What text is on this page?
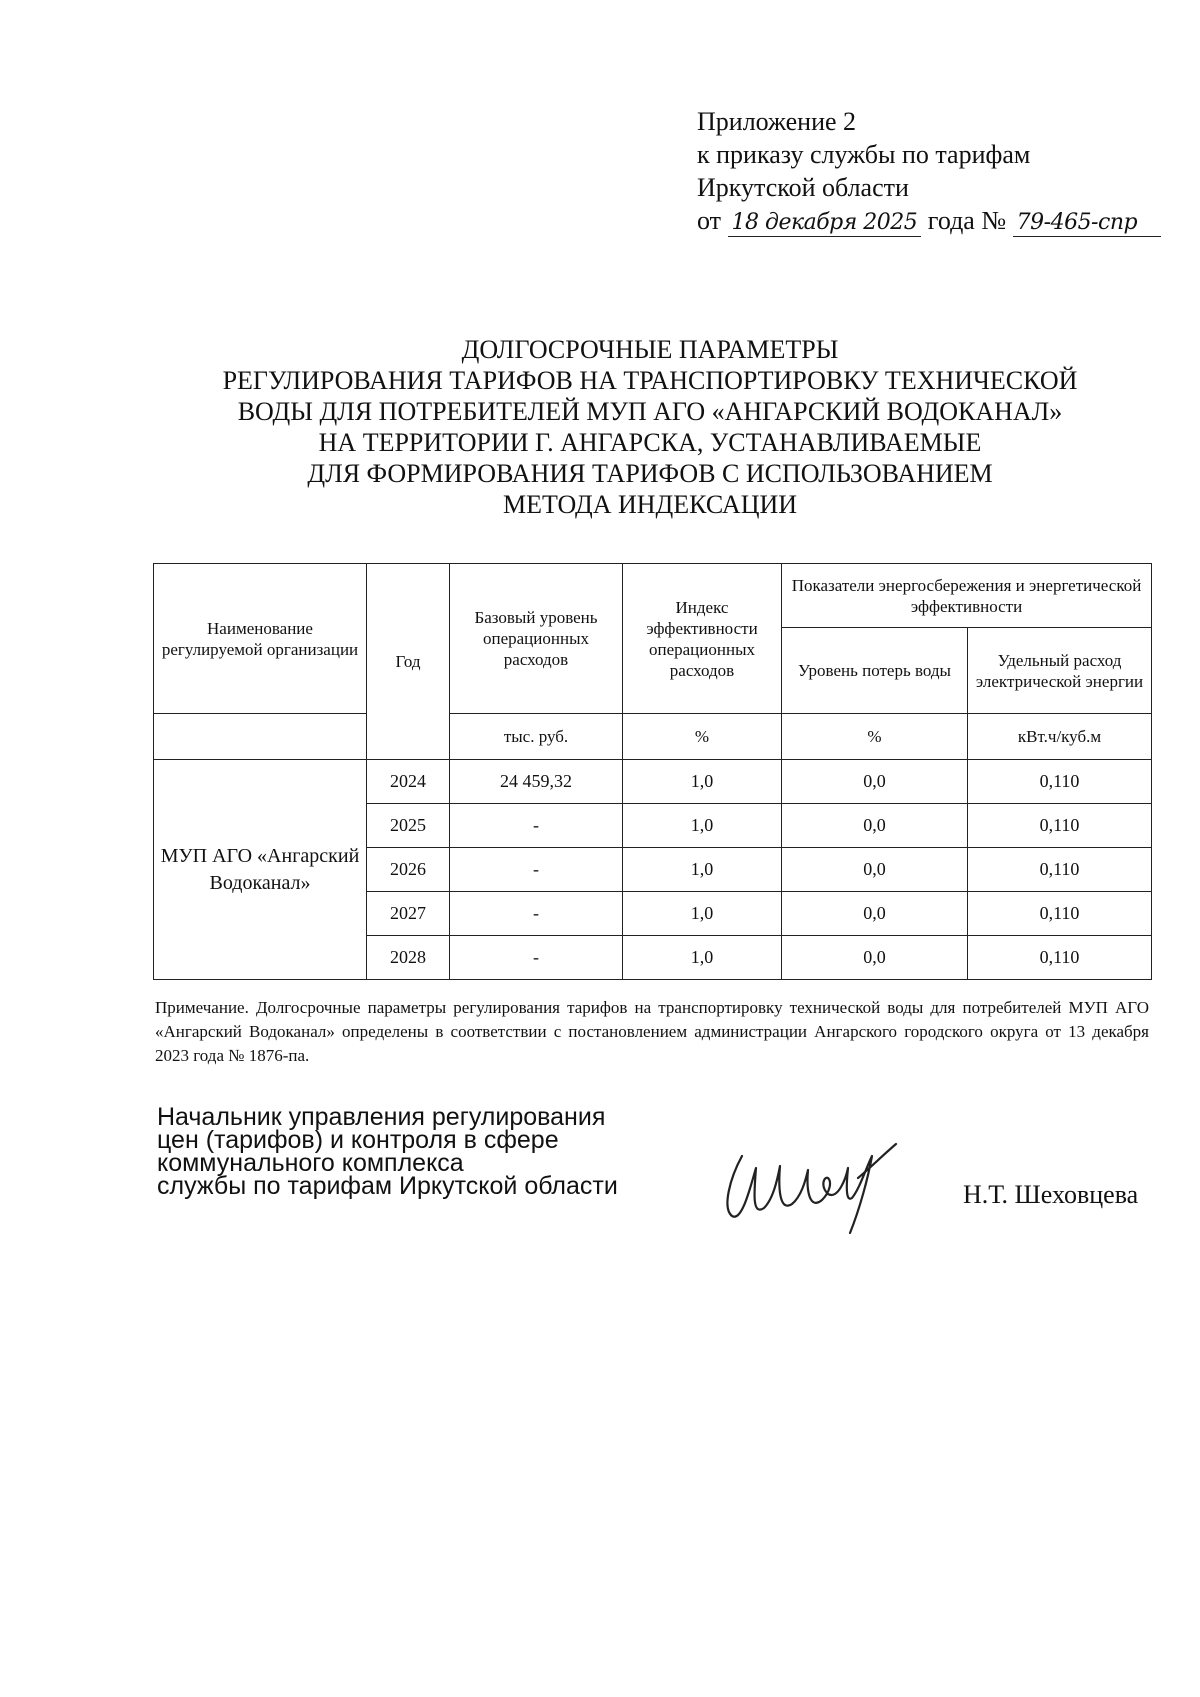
Приложение 2
к приказу службы по тарифам
Иркутской области
от 18 декабря 2025 года № 79-465-спр
ДОЛГОСРОЧНЫЕ ПАРАМЕТРЫ
РЕГУЛИРОВАНИЯ ТАРИФОВ НА ТРАНСПОРТИРОВКУ ТЕХНИЧЕСКОЙ
ВОДЫ ДЛЯ ПОТРЕБИТЕЛЕЙ МУП АГО «АНГАРСКИЙ ВОДОКАНАЛ»
НА ТЕРРИТОРИИ Г. АНГАРСКА, УСТАНАВЛИВАЕМЫЕ
ДЛЯ ФОРМИРОВАНИЯ ТАРИФОВ С ИСПОЛЬЗОВАНИЕМ
МЕТОДА ИНДЕКСАЦИИ
Наименование регулируемой организации	Год	Базовый уровень операционных расходов	Индекс эффективности операционных расходов	Показатели энергосбережения и энергетической эффективности	
				Уровень потерь воды	Удельный расход электрической энергии
		тыс. руб.	%	%	кВт.ч/куб.м
МУП АГО «Ангарский Водоканал»	2024	24 459,32	1,0	0,0	0,110
	2025	-	1,0	0,0	0,110
	2026	-	1,0	0,0	0,110
	2027	-	1,0	0,0	0,110
	2028	-	1,0	0,0	0,110
Примечание. Долгосрочные параметры регулирования тарифов на транспортировку технической воды для потребителей МУП АГО «Ангарский Водоканал» определены в соответствии с постановлением администрации Ангарского городского округа от 13 декабря 2023 года № 1876-па.
Начальник управления регулирования
цен (тарифов) и контроля в сфере
коммунального комплекса
службы по тарифам Иркутской области	Н.Т. Шеховцева
